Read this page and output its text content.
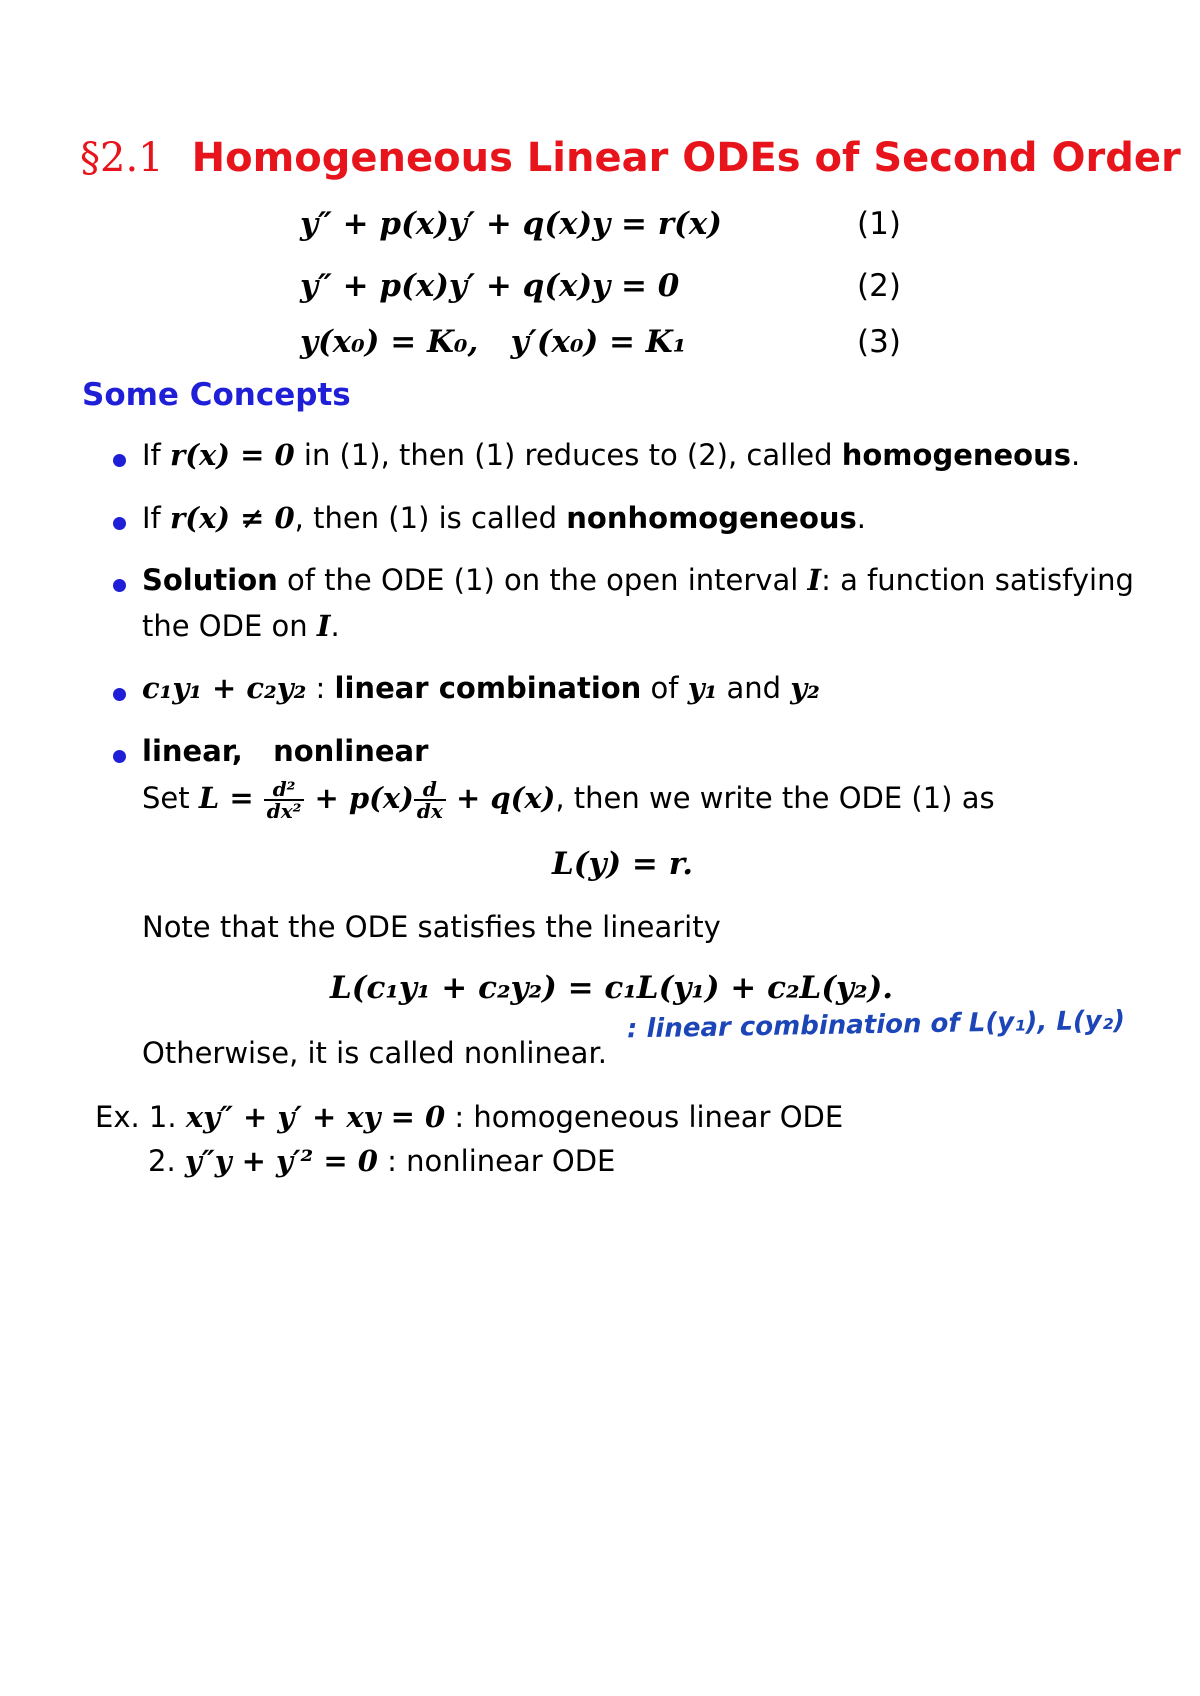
§2.1 Homogeneous Linear ODEs of Second Order
y″ + p(x)y′ + q(x)y = r(x)	(1)
y″ + p(x)y′ + q(x)y = 0	(2)
y(x₀) = K₀,   y′(x₀) = K₁	(3)
Some Concepts
If r(x) = 0 in (1), then (1) reduces to (2), called homogeneous.
If r(x) ≠ 0, then (1) is called nonhomogeneous.
Solution of the ODE (1) on the open interval I: a function satisfying
the ODE on I.
c₁y₁ + c₂y₂ : linear combination of y₁ and y₂
linear,   nonlinear
Set $L = \frac{\text{d²}}{\text{dx²}} + p(x) \frac{d}{dx} + q(x)$, then we write the ODE (1) as
L(y) = r.
Note that the ODE satisfies the linearity
L(c₁y₁ + c₂y₂) = c₁L(y₁) + c₂L(y₂).
: linear combination of L(y₁), L(y₂)
Otherwise, it is called nonlinear.
Ex. 1. xy″ + y′ + xy = 0 : homogeneous linear ODE
2. y″y + y′² = 0 : nonlinear ODE
